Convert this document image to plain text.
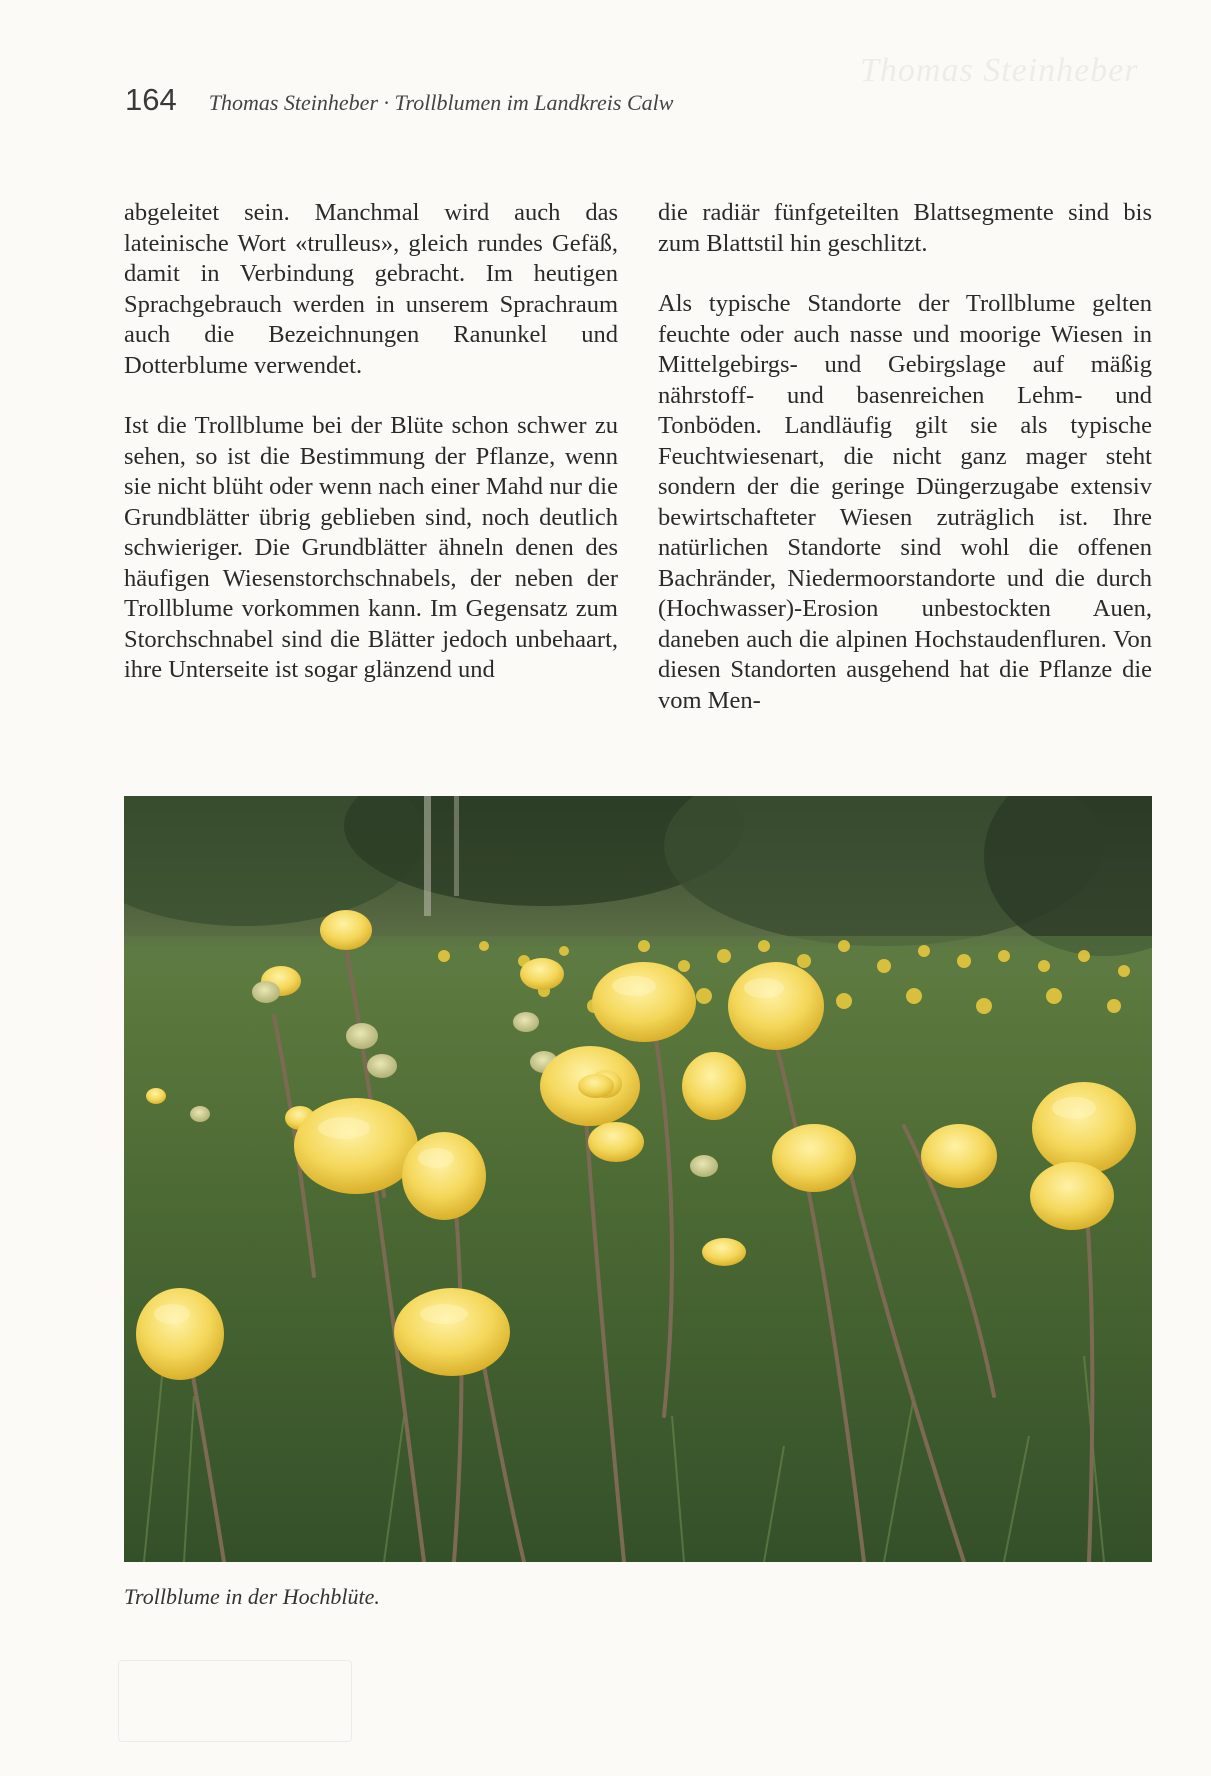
Thomas Steinheber
164 Thomas Steinheber · Trollblumen im Landkreis Calw

abgeleitet sein. Manchmal wird auch das lateinische Wort «trulleus», gleich rundes Gefäß, damit in Verbindung gebracht. Im heutigen Sprachgebrauch werden in unserem Sprachraum auch die Bezeichnungen Ranunkel und Dotterblume verwendet.

Ist die Trollblume bei der Blüte schon schwer zu sehen, so ist die Bestimmung der Pflanze, wenn sie nicht blüht oder wenn nach einer Mahd nur die Grundblätter übrig geblieben sind, noch deutlich schwieriger. Die Grundblätter ähneln denen des häufigen Wiesenstorchschnabels, der neben der Trollblume vorkommen kann. Im Gegensatz zum Storchschnabel sind die Blätter jedoch unbehaart, ihre Unterseite ist sogar glänzend und

die radiär fünfgeteilten Blattsegmente sind bis zum Blattstil hin geschlitzt.

Als typische Standorte der Trollblume gelten feuchte oder auch nasse und moorige Wiesen in Mittelgebirgs- und Gebirgslage auf mäßig nährstoff- und basenreichen Lehm- und Tonböden. Landläufig gilt sie als typische Feuchtwiesenart, die nicht ganz mager steht sondern der die geringe Düngerzugabe extensiv bewirtschafteter Wiesen zuträglich ist. Ihre natürlichen Standorte sind wohl die offenen Bachränder, Niedermoorstandorte und die durch (Hochwasser)-Erosion unbestockten Auen, daneben auch die alpinen Hochstaudenfluren. Von diesen Standorten ausgehend hat die Pflanze die vom Men-

Trollblume in der Hochblüte.
